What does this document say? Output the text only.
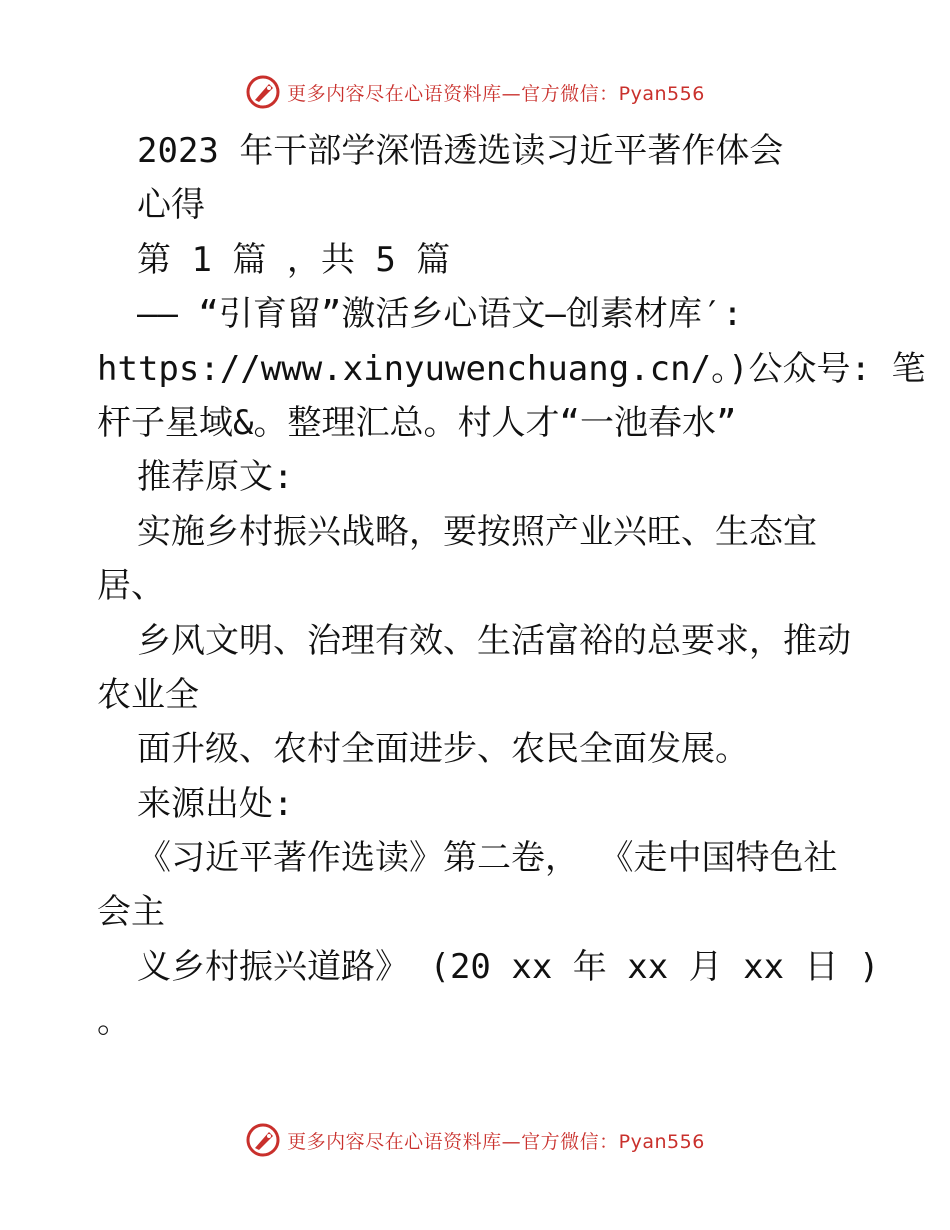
更多内容尽在心语资料库—官方微信：Pyan556
2023 年干部学深悟透选读习近平著作体会
心得
第 1 篇 ，共 5 篇
—— “引育留”激活乡心语文—创素材库′:
https://www.xinyuwenchuang.cn/。)公众号: 笔
杆子星域&。整理汇总。村人才“一池春水”
推荐原文:
实施乡村振兴战略，要按照产业兴旺、生态宜
居、
乡风文明、治理有效、生活富裕的总要求，推动
农业全
面升级、农村全面进步、农民全面发展。
来源出处:
《习近平著作选读》第二卷， 《走中国特色社
会主
义乡村振兴道路》 (20 xx 年 xx 月 xx 日 )
。
更多内容尽在心语资料库—官方微信：Pyan556
